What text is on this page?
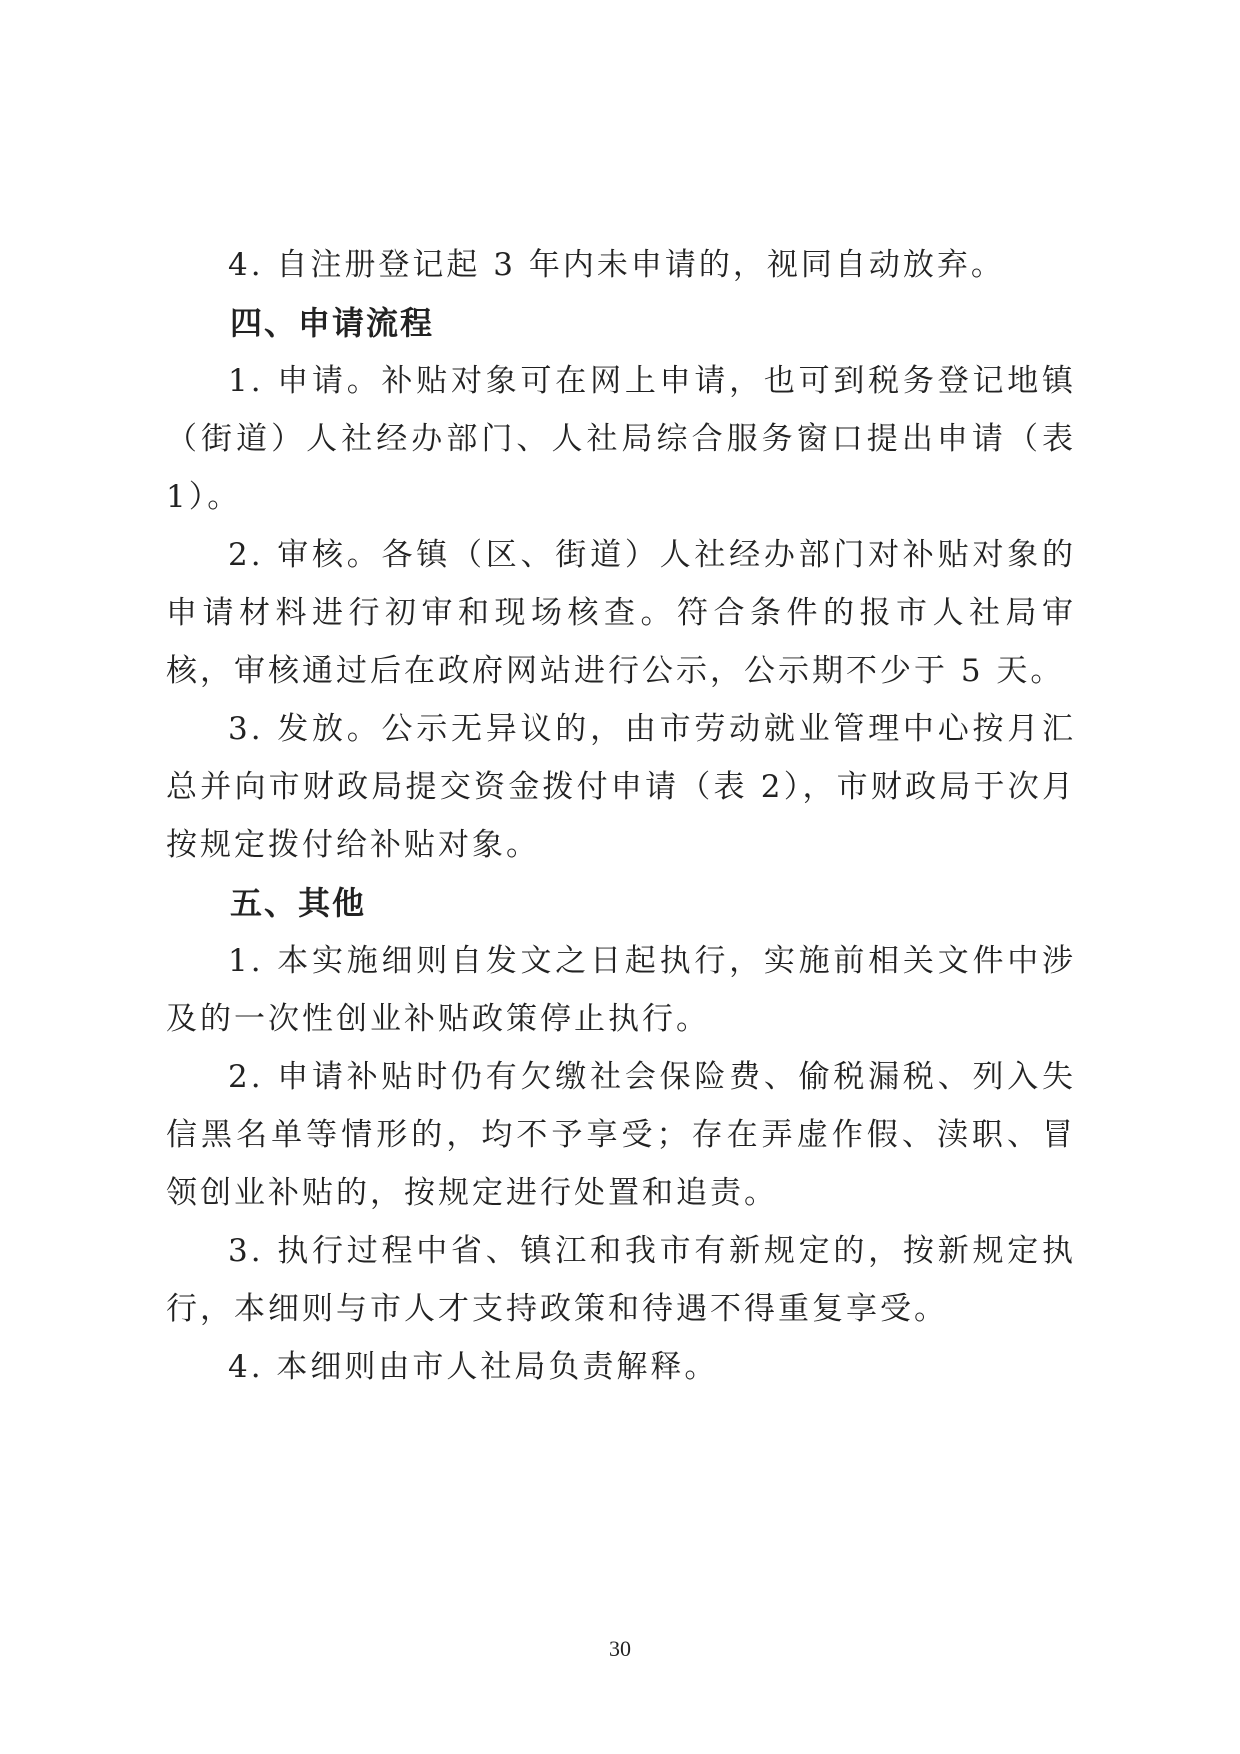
4. 自注册登记起 3 年内未申请的，视同自动放弃。

四、申请流程

1. 申请。补贴对象可在网上申请，也可到税务登记地镇（街道）人社经办部门、人社局综合服务窗口提出申请（表 1）。

2. 审核。各镇（区、街道）人社经办部门对补贴对象的申请材料进行初审和现场核查。符合条件的报市人社局审核，审核通过后在政府网站进行公示，公示期不少于 5 天。

3. 发放。公示无异议的，由市劳动就业管理中心按月汇总并向市财政局提交资金拨付申请（表 2），市财政局于次月按规定拨付给补贴对象。

五、其他

1. 本实施细则自发文之日起执行，实施前相关文件中涉及的一次性创业补贴政策停止执行。

2. 申请补贴时仍有欠缴社会保险费、偷税漏税、列入失信黑名单等情形的，均不予享受；存在弄虚作假、渎职、冒领创业补贴的，按规定进行处置和追责。

3. 执行过程中省、镇江和我市有新规定的，按新规定执行，本细则与市人才支持政策和待遇不得重复享受。

4. 本细则由市人社局负责解释。

30
